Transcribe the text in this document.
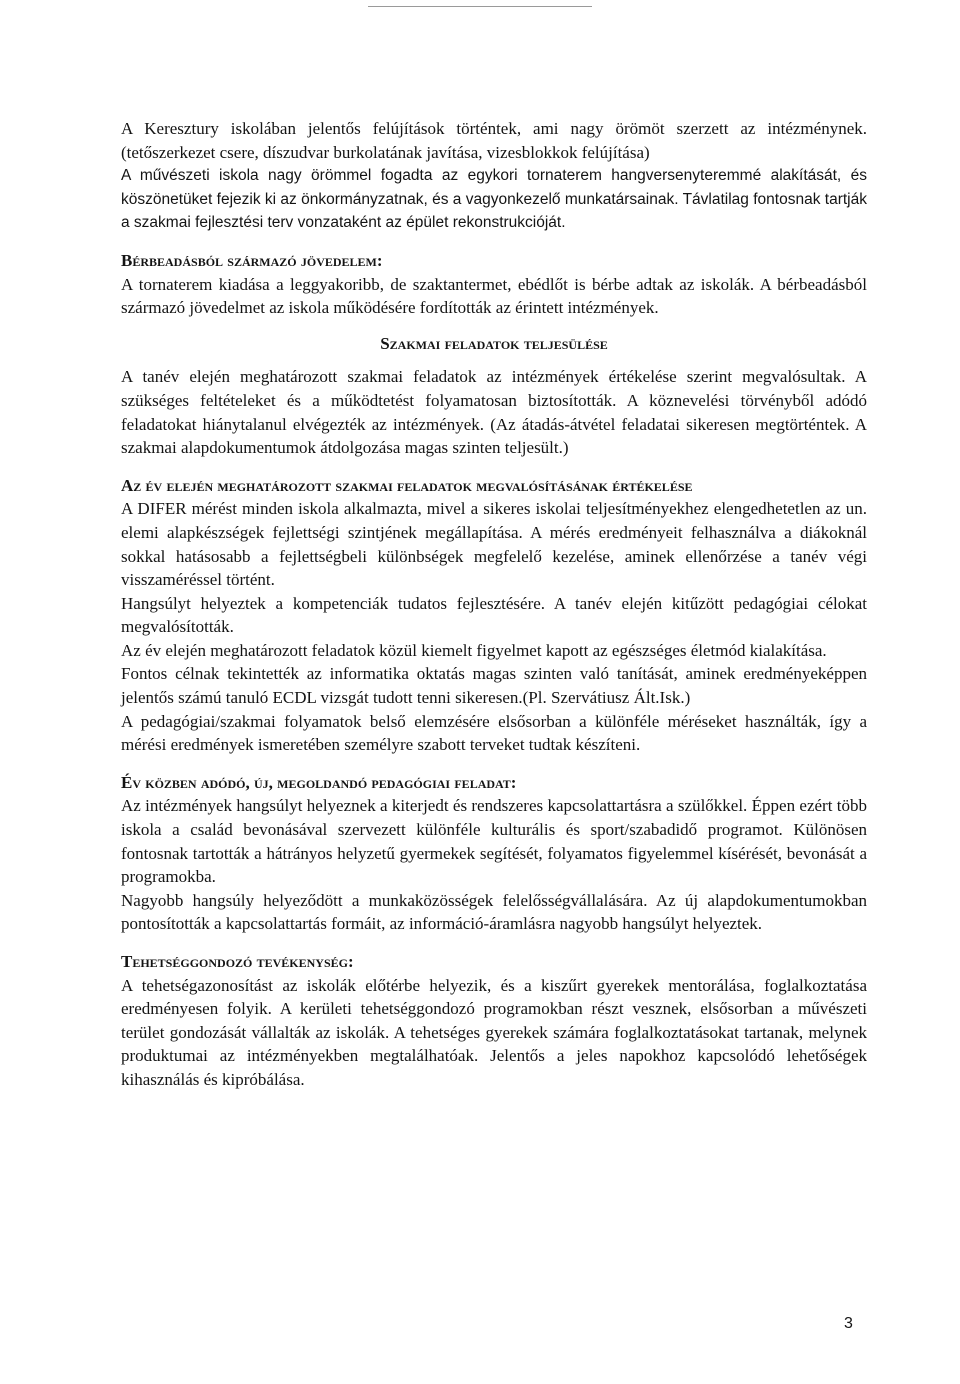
A Keresztury iskolában jelentős felújítások történtek, ami nagy örömöt szerzett az intézménynek.(tetőszerkezet csere, díszudvar burkolatának javítása, vizesblokkok felújítása)

A művészeti iskola nagy örömmel fogadta az egykori tornaterem hangversenyteremmé alakítását, és köszönetüket fejezik ki az önkormányzatnak, és a vagyonkezelő munkatársainak. Távlatilag fontosnak tartják a szakmai fejlesztési terv vonzataként az épület rekonstrukcióját.

Bérbeadásból származó jövedelem:

A tornaterem kiadása a leggyakoribb, de szaktantermet, ebédlőt is bérbe adtak az iskolák. A bérbeadásból származó jövedelmet az iskola működésére fordították az érintett intézmények.

Szakmai feladatok teljesülése

A tanév elején meghatározott szakmai feladatok az intézmények értékelése szerint megvalósultak. A szükséges feltételeket és a működtetést folyamatosan biztosították. A köznevelési törvényből adódó feladatokat hiánytalanul elvégezték az intézmények. (Az átadás-átvétel feladatai sikeresen megtörténtek. A szakmai alapdokumentumok átdolgozása magas szinten teljesült.)

Az év elején meghatározott szakmai feladatok megvalósításának értékelése

A DIFER mérést minden iskola alkalmazta, mivel a sikeres iskolai teljesítményekhez elengedhetetlen az un. elemi alapkészségek fejlettségi szintjének megállapítása. A mérés eredményeit felhasználva a diákoknál sokkal hatásosabb a fejlettségbeli különbségek megfelelő kezelése, aminek ellenőrzése a tanév végi visszaméréssel történt.

Hangsúlyt helyeztek a kompetenciák tudatos fejlesztésére. A tanév elején kitűzött pedagógiai célokat megvalósították.

Az év elején meghatározott feladatok közül kiemelt figyelmet kapott az egészséges életmód kialakítása.

Fontos célnak tekintették az informatika oktatás magas szinten való tanítását, aminek eredményeképpen jelentős számú tanuló ECDL vizsgát tudott tenni sikeresen.(Pl. Szervátiusz Ált.Isk.)

A pedagógiai/szakmai folyamatok belső elemzésére elsősorban a különféle méréseket használták, így a mérési eredmények ismeretében személyre szabott terveket tudtak készíteni.

Év közben adódó, új, megoldandó pedagógiai feladat:

Az intézmények hangsúlyt helyeznek a kiterjedt és rendszeres kapcsolattartásra a szülőkkel. Éppen ezért több iskola a család bevonásával szervezett különféle kulturális és sport/szabadidő programot. Különösen fontosnak tartották a hátrányos helyzetű gyermekek segítését, folyamatos figyelemmel kísérését, bevonását a programokba.

Nagyobb hangsúly helyeződött a munkaközösségek felelősségvállalására. Az új alapdokumentumokban pontosították a kapcsolattartás formáit, az információ-áramlásra nagyobb hangsúlyt helyeztek.

Tehetséggondozó tevékenység:

A tehetségazonosítást az iskolák előtérbe helyezik, és a kiszűrt gyerekek mentorálása, foglalkoztatása eredményesen folyik. A kerületi tehetséggondozó programokban részt vesznek, elsősorban a művészeti terület gondozását vállalták az iskolák. A tehetséges gyerekek számára foglalkoztatásokat tartanak, melynek produktumai az intézményekben megtalálhatóak. Jelentős a jeles napokhoz kapcsolódó lehetőségek kihasználás és kipróbálása.

3
